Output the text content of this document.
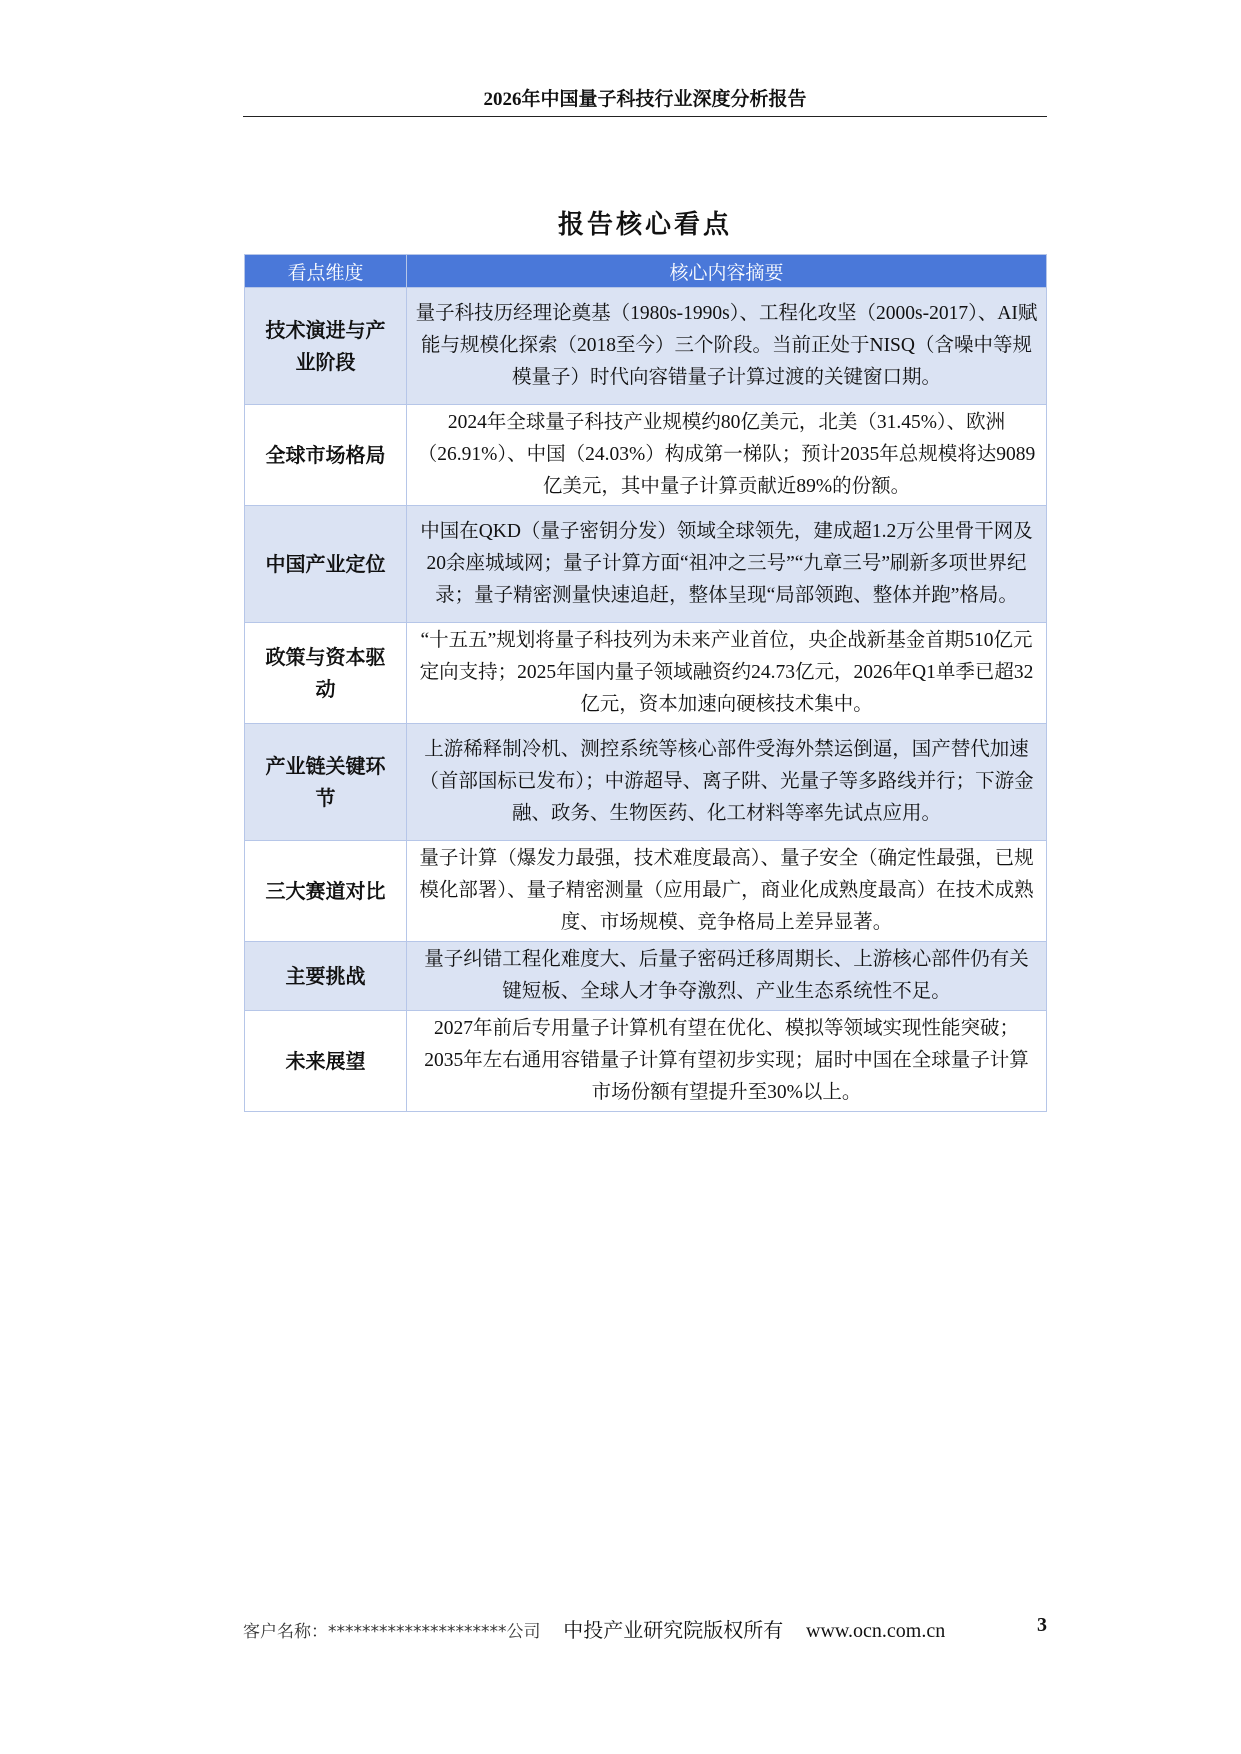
2026年中国量子科技行业深度分析报告
报告核心看点
看点维度	核心内容摘要
技术演进与产业阶段	量子科技历经理论奠基（1980s-1990s）、工程化攻坚（2000s-2017）、AI赋能与规模化探索（2018至今）三个阶段。当前正处于NISQ（含噪中等规模量子）时代向容错量子计算过渡的关键窗口期。
全球市场格局	2024年全球量子科技产业规模约80亿美元，北美（31.45%）、欧洲（26.91%）、中国（24.03%）构成第一梯队；预计2035年总规模将达9089亿美元，其中量子计算贡献近89%的份额。
中国产业定位	中国在QKD（量子密钥分发）领域全球领先，建成超1.2万公里骨干网及20余座城域网；量子计算方面“祖冲之三号”“九章三号”刷新多项世界纪录；量子精密测量快速追赶，整体呈现“局部领跑、整体并跑”格局。
政策与资本驱动	“十五五”规划将量子科技列为未来产业首位，央企战新基金首期510亿元定向支持；2025年国内量子领域融资约24.73亿元，2026年Q1单季已超32亿元，资本加速向硬核技术集中。
产业链关键环节	上游稀释制冷机、测控系统等核心部件受海外禁运倒逼，国产替代加速（首部国标已发布）；中游超导、离子阱、光量子等多路线并行；下游金融、政务、生物医药、化工材料等率先试点应用。
三大赛道对比	量子计算（爆发力最强，技术难度最高）、量子安全（确定性最强，已规模化部署）、量子精密测量（应用最广，商业化成熟度最高）在技术成熟度、市场规模、竞争格局上差异显著。
主要挑战	量子纠错工程化难度大、后量子密码迁移周期长、上游核心部件仍有关键短板、全球人才争夺激烈、产业生态系统性不足。
未来展望	2027年前后专用量子计算机有望在优化、模拟等领域实现性能突破；2035年左右通用容错量子计算有望初步实现；届时中国在全球量子计算市场份额有望提升至30%以上。
客户名称：*********************公司 中投产业研究院版权所有 www.ocn.com.cn	3
